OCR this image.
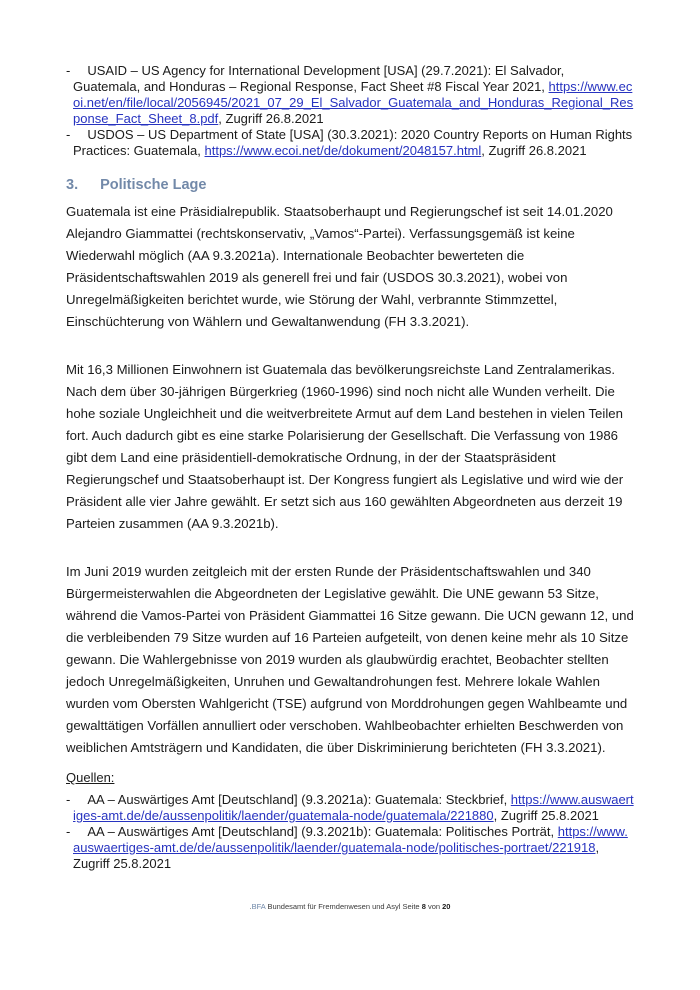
- USAID – US Agency for International Development [USA] (29.7.2021): El Salvador, Guatemala, and Honduras – Regional Response, Fact Sheet #8 Fiscal Year 2021, https://www.ecoi.net/en/file/local/2056945/2021_07_29_El_Salvador_Guatemala_and_Honduras_Regional_Response_Fact_Sheet_8.pdf, Zugriff 26.8.2021
- USDOS – US Department of State [USA] (30.3.2021): 2020 Country Reports on Human Rights Practices: Guatemala, https://www.ecoi.net/de/dokument/2048157.html, Zugriff 26.8.2021
3. Politische Lage

Guatemala ist eine Präsidialrepublik. Staatsoberhaupt und Regierungschef ist seit 14.01.2020 Alejandro Giammattei (rechtskonservativ, „Vamos“-Partei). Verfassungsgemäß ist keine Wiederwahl möglich (AA 9.3.2021a). Internationale Beobachter bewerteten die Präsidentschaftswahlen 2019 als generell frei und fair (USDOS 30.3.2021), wobei von Unregelmäßigkeiten berichtet wurde, wie Störung der Wahl, verbrannte Stimmzettel, Einschüchterung von Wählern und Gewaltanwendung (FH 3.3.2021).

Mit 16,3 Millionen Einwohnern ist Guatemala das bevölkerungsreichste Land Zentralamerikas. Nach dem über 30-jährigen Bürgerkrieg (1960-1996) sind noch nicht alle Wunden verheilt. Die hohe soziale Ungleichheit und die weitverbreitete Armut auf dem Land bestehen in vielen Teilen fort. Auch dadurch gibt es eine starke Polarisierung der Gesellschaft. Die Verfassung von 1986 gibt dem Land eine präsidentiell-demokratische Ordnung, in der der Staatspräsident Regierungschef und Staatsoberhaupt ist. Der Kongress fungiert als Legislative und wird wie der Präsident alle vier Jahre gewählt. Er setzt sich aus 160 gewählten Abgeordneten aus derzeit 19 Parteien zusammen (AA 9.3.2021b).

Im Juni 2019 wurden zeitgleich mit der ersten Runde der Präsidentschaftswahlen und 340 Bürgermeisterwahlen die Abgeordneten der Legislative gewählt. Die UNE gewann 53 Sitze, während die Vamos-Partei von Präsident Giammattei 16 Sitze gewann. Die UCN gewann 12, und die verbleibenden 79 Sitze wurden auf 16 Parteien aufgeteilt, von denen keine mehr als 10 Sitze gewann. Die Wahlergebnisse von 2019 wurden als glaubwürdig erachtet, Beobachter stellten jedoch Unregelmäßigkeiten, Unruhen und Gewaltandrohungen fest. Mehrere lokale Wahlen wurden vom Obersten Wahlgericht (TSE) aufgrund von Morddrohungen gegen Wahlbeamte und gewalttätigen Vorfällen annulliert oder verschoben. Wahlbeobachter erhielten Beschwerden von weiblichen Amtsträgern und Kandidaten, die über Diskriminierung berichteten (FH 3.3.2021).

Quellen:
- AA – Auswärtiges Amt [Deutschland] (9.3.2021a): Guatemala: Steckbrief, https://www.auswaertiges-amt.de/de/aussenpolitik/laender/guatemala-node/guatemala/221880, Zugriff 25.8.2021
- AA – Auswärtiges Amt [Deutschland] (9.3.2021b): Guatemala: Politisches Porträt, https://www.auswaertiges-amt.de/de/aussenpolitik/laender/guatemala-node/politisches-portraet/221918, Zugriff 25.8.2021
.BFA Bundesamt für Fremdenwesen und Asyl Seite 8 von 20
